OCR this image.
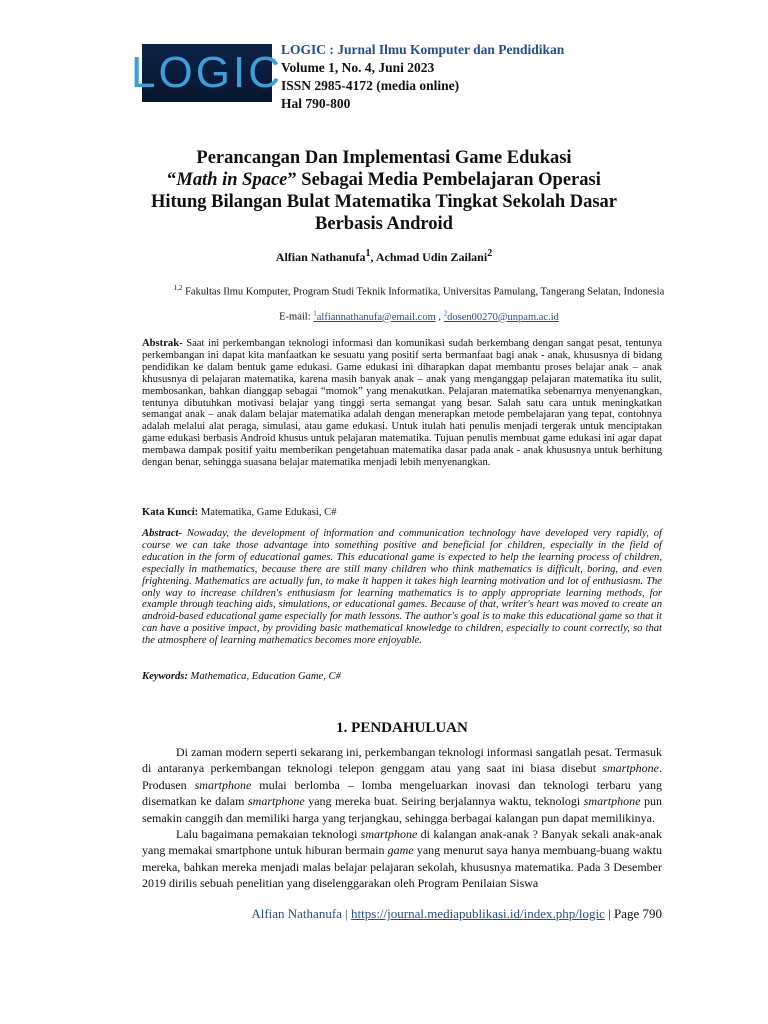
LOGIC
LOGIC : Jurnal Ilmu Komputer dan Pendidikan
Volume 1, No. 4, Juni 2023
ISSN 2985-4172 (media online)
Hal 790-800
Perancangan Dan Implementasi Game Edukasi
“Math in Space” Sebagai Media Pembelajaran Operasi
Hitung Bilangan Bulat Matematika Tingkat Sekolah Dasar
Berbasis Android
Alfian Nathanufa$^1$, Achmad Udin Zailani$^2$
$^{1,2}$ Fakultas Ilmu Komputer, Program Studi Teknik Informatika, Universitas Pamulang, Tangerang Selatan, Indonesia
E-mail: $^1$alfiannathanufa@email.com , $^2$dosen00270@unpam.ac.id
Abstrak- Saat ini perkembangan teknologi informasi dan komunikasi sudah berkembang dengan sangat pesat, tentunya perkembangan ini dapat kita manfaatkan ke sesuatu yang positif serta bermanfaat bagi anak - anak, khususnya di bidang pendidikan ke dalam bentuk game edukasi. Game edukasi ini diharapkan dapat membantu proses belajar anak – anak khususnya di pelajaran matematika, karena masih banyak anak – anak yang menganggap pelajaran matematika itu sulit, membosankan, bahkan dianggap sebagai “momok” yang menakutkan. Pelajaran matematika sebenarnya menyenangkan, tentunya dibutuhkan motivasi belajar yang tinggi serta semangat yang besar. Salah satu cara untuk meningkatkan semangat anak – anak dalam belajar matematika adalah dengan menerapkan metode pembelajaran yang tepat, contohnya adalah melalui alat peraga, simulasi, atau game edukasi. Untuk itulah hati penulis menjadi tergerak untuk menciptakan game edukasi berbasis Android khusus untuk pelajaran matematika. Tujuan penulis membuat game edukasi ini agar dapat membawa dampak positif yaitu memberikan pengetahuan matematika dasar pada anak - anak khususnya untuk berhitung dengan benar, sehingga suasana belajar matematika menjadi lebih menyenangkan.
Kata Kunci: Matematika, Game Edukasi, C#
Abstract- Nowaday, the development of information and communication technology have developed very rapidly, of course we can take those advantage into something positive and beneficial for children, especially in the field of education in the form of educational games. This educational game is expected to help the learning process of children, especially in mathematics, because there are still many children who think mathematics is difficult, boring, and even frightening. Mathematics are actually fun, to make it happen it takes high learning motivation and lot of enthusiasm. The only way to increase children's enthusiasm for learning mathematics is to apply appropriate learning methods, for example through teaching aids, simulations, or educational games. Because of that, writer's heart was moved to create an android-based educational game especially for math lessons. The author's goal is to make this educational game so that it can have a positive impact, by providing basic mathematical knowledge to children, especially to count correctly, so that the atmosphere of learning mathematics becomes more enjoyable.
Keywords: Mathematica, Education Game, C#
1. PENDAHULUAN

Di zaman modern seperti sekarang ini, perkembangan teknologi informasi sangatlah pesat. Termasuk di antaranya perkembangan teknologi telepon genggam atau yang saat ini biasa disebut smartphone. Produsen smartphone mulai berlomba – lomba mengeluarkan inovasi dan teknologi terbaru yang disematkan ke dalam smartphone yang mereka buat. Seiring berjalannya waktu, teknologi smartphone pun semakin canggih dan memiliki harga yang terjangkau, sehingga berbagai kalangan pun dapat memilikinya.

Lalu bagaimana pemakaian teknologi smartphone di kalangan anak-anak ? Banyak sekali anak-anak yang memakai smartphone untuk hiburan bermain game yang menurut saya hanya membuang-buang waktu mereka, bahkan mereka menjadi malas belajar pelajaran sekolah, khususnya matematika. Pada 3 Desember 2019 dirilis sebuah penelitian yang diselenggarakan oleh Program Penilaian Siswa

Alfian Nathanufa | https://journal.mediapublikasi.id/index.php/logic | Page 790
